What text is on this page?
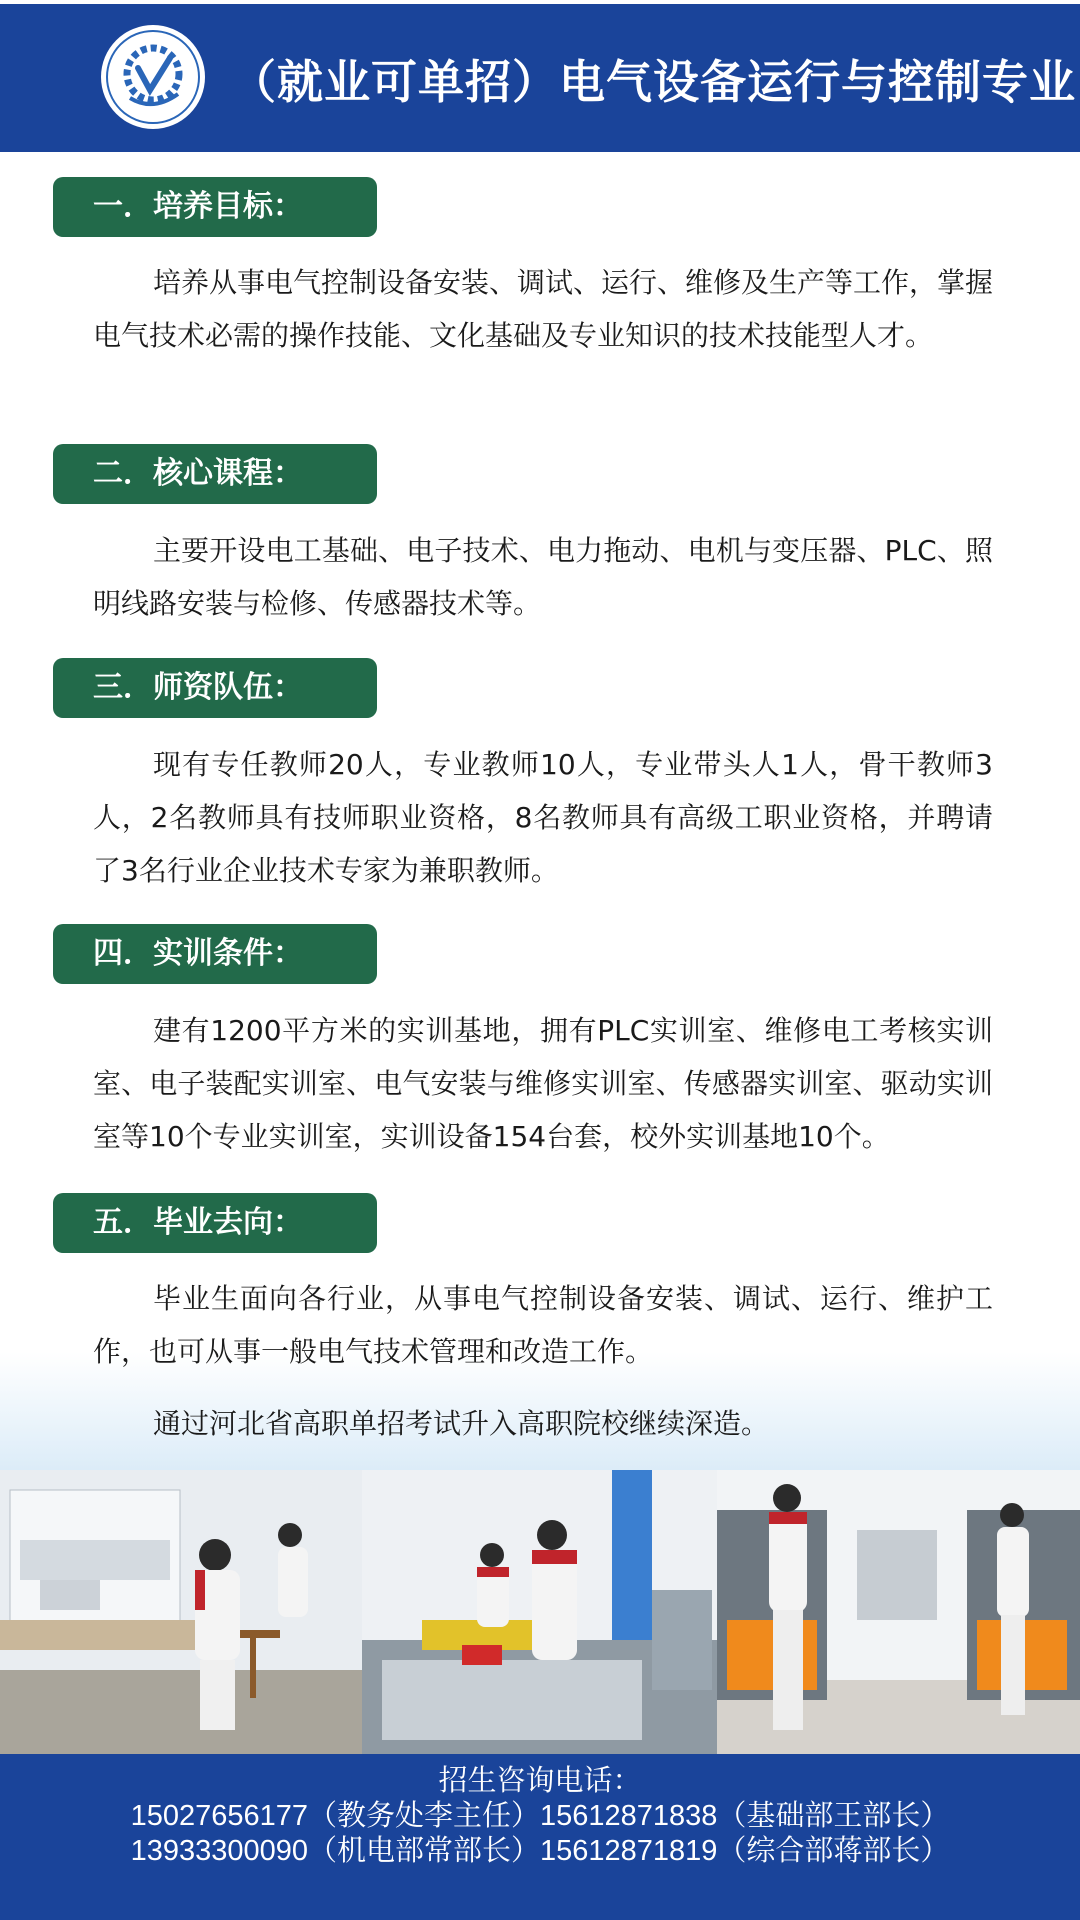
（就业可单招）电气设备运行与控制专业
一．培养目标：

培养从事电气控制设备安装、调试、运行、维修及生产等工作，掌握电气技术必需的操作技能、文化基础及专业知识的技术技能型人才。

二．核心课程：

主要开设电工基础、电子技术、电力拖动、电机与变压器、PLC、照明线路安装与检修、传感器技术等。

三．师资队伍：

现有专任教师20人，专业教师10人，专业带头人1人，骨干教师3人，2名教师具有技师职业资格，8名教师具有高级工职业资格，并聘请了3名行业企业技术专家为兼职教师。

四．实训条件：

建有1200平方米的实训基地，拥有PLC实训室、维修电工考核实训室、电子装配实训室、电气安装与维修实训室、传感器实训室、驱动实训室等10个专业实训室，实训设备154台套，校外实训基地10个。

五．毕业去向：

毕业生面向各行业，从事电气控制设备安装、调试、运行、维护工作，也可从事一般电气技术管理和改造工作。

通过河北省高职单招考试升入高职院校继续深造。

招生咨询电话：
15027656177（教务处李主任）15612871838（基础部王部长）
13933300090（机电部常部长）15612871819（综合部蒋部长）
